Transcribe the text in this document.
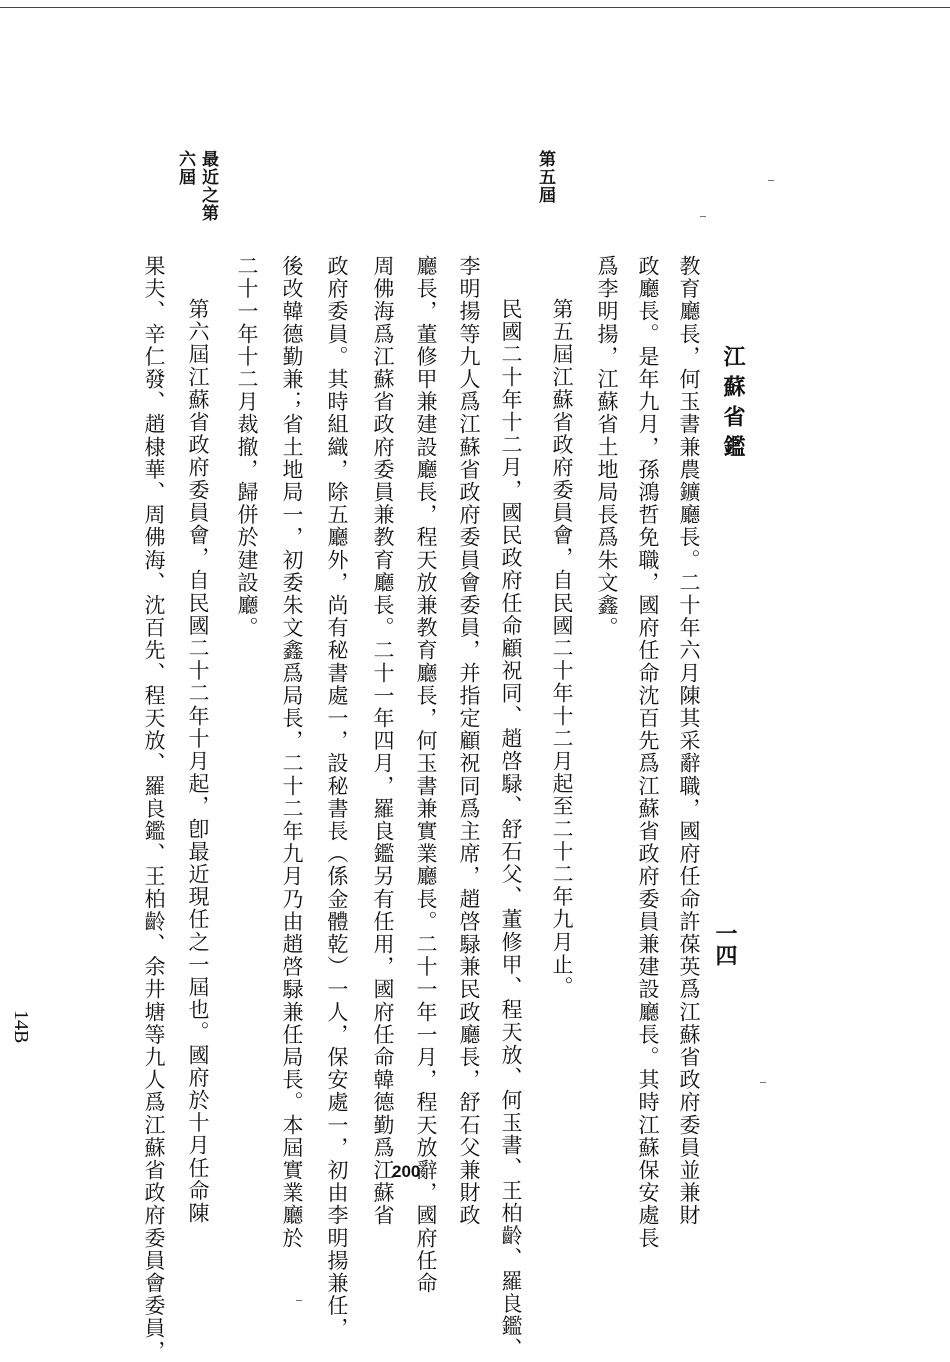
江蘇省鑑
一四
第五屆
最近之第
六屆
教育廳長，何玉書兼農鑛廳長。二十年六月陳其采辭職，國府任命許葆英爲江蘇省政府委員並兼財
政廳長。是年九月，孫鴻哲免職，國府任命沈百先爲江蘇省政府委員兼建設廳長。其時江蘇保安處長
爲李明揚，江蘇省土地局長爲朱文鑫。
第五屆江蘇省政府委員會，自民國二十年十二月起至二十二年九月止。
民國二十年十二月，國民政府任命顧祝同、趙啓騄、舒石父、董修甲、程天放、何玉書、王柏齡、羅良鑑、
李明揚等九人爲江蘇省政府委員會委員，并指定顧祝同爲主席，趙啓騄兼民政廳長，舒石父兼財政
廳長，董修甲兼建設廳長，程天放兼教育廳長，何玉書兼實業廳長。二十一年一月，程天放辭，國府任命
周佛海爲江蘇省政府委員兼教育廳長。二十一年四月，羅良鑑另有任用，國府任命韓德勤爲江蘇省
政府委員。其時組織，除五廳外，尚有秘書處一，設秘書長（係金體乾）一人，保安處一，初由李明揚兼任，
後改韓德勤兼；省土地局一，初委朱文鑫爲局長，二十二年九月乃由趙啓騄兼任局長。本屆實業廳於
二十一年十二月裁撤，歸併於建設廳。
第六屆江蘇省政府委員會，自民國二十二年十月起，卽最近現任之一屆也。國府於十月任命陳
果夫、辛仁發、趙棣華、周佛海、沈百先、程天放、羅良鑑、王柏齡、余井塘等九人爲江蘇省政府委員會委員，	200
14B
